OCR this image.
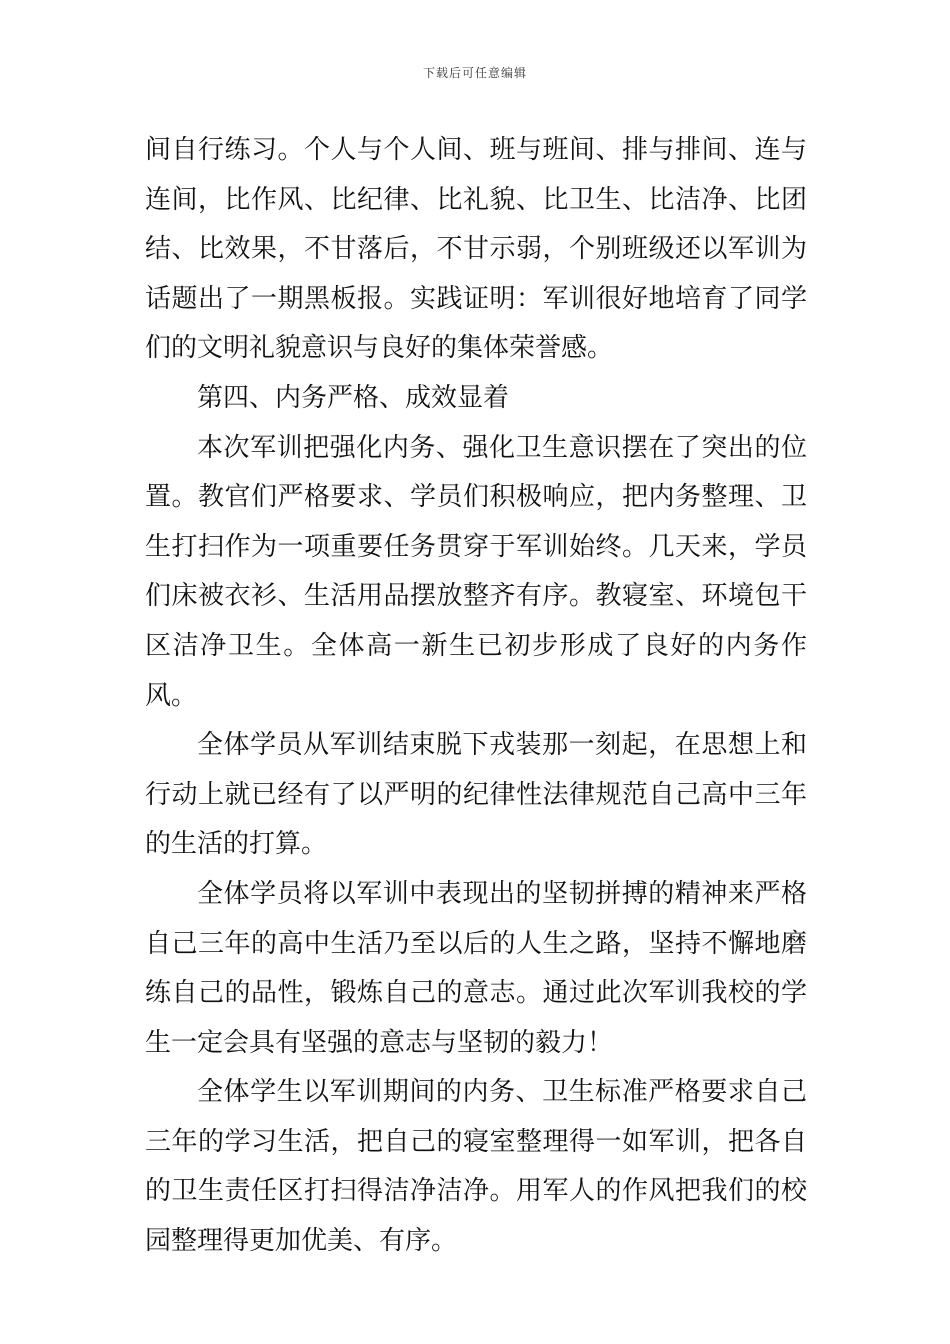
下载后可任意编辑

间自行练习。个人与个人间、班与班间、排与排间、连与连间，比作风、比纪律、比礼貌、比卫生、比洁净、比团结、比效果，不甘落后，不甘示弱，个别班级还以军训为话题出了一期黑板报。实践证明：军训很好地培育了同学们的文明礼貌意识与良好的集体荣誉感。

第四、内务严格、成效显着

本次军训把强化内务、强化卫生意识摆在了突出的位置。教官们严格要求、学员们积极响应，把内务整理、卫生打扫作为一项重要任务贯穿于军训始终。几天来，学员们床被衣衫、生活用品摆放整齐有序。教寝室、环境包干区洁净卫生。全体高一新生已初步形成了良好的内务作风。

全体学员从军训结束脱下戎装那一刻起，在思想上和行动上就已经有了以严明的纪律性法律规范自己高中三年的生活的打算。

全体学员将以军训中表现出的坚韧拼搏的精神来严格自己三年的高中生活乃至以后的人生之路，坚持不懈地磨练自己的品性，锻炼自己的意志。通过此次军训我校的学生一定会具有坚强的意志与坚韧的毅力！

全体学生以军训期间的内务、卫生标准严格要求自己三年的学习生活，把自己的寝室整理得一如军训，把各自的卫生责任区打扫得洁净洁净。用军人的作风把我们的校园整理得更加优美、有序。
